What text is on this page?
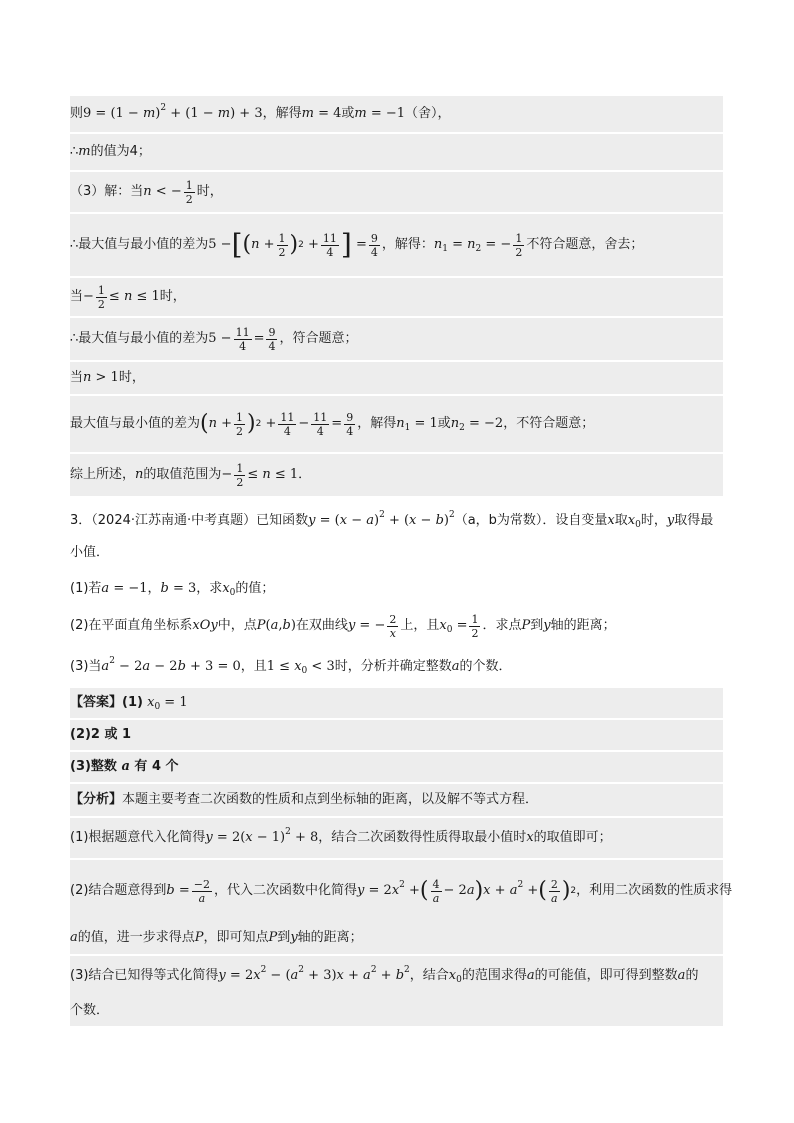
则 $9 = (1 - m)^2 + (1 - m) + 3$ ，解得 m = 4 或 m = −1 （舍），
∴ m 的值为4；
（3）解：当 n < − $\frac{1}{2}$ 时，
∴最大值与最小值的差为 5 − [ ( $n + \frac{1}{2}$ ) $2 + \frac{11}{4}$ ] = $\frac{9}{4}$ ，解得： $n_1 = n_2$ = − $\frac{1}{2}$ 不符合题意，舍去；
当 − $\frac{1}{2} \le n \le 1$ 时，
∴最大值与最小值的差为 $5 - \frac{11}{4} = \frac{9}{4}$ ，符合题意；
当 n > 1 时，
最大值与最小值的差为 ( $n + \frac{1}{2}$ ) $2 + \frac{11}{4} - \frac{11}{4} = \frac{9}{4}$ ，解得 $n_1 = 1$ 或 $n_2 = -2$ ，不符合题意；
综上所述， n 的取值范围为 − $\frac{1}{2} \le n \le 1$ ．
3．（2024·江苏南通·中考真题）已知函数 $y = (x - a)^2 + (x - b)^2$ （a，b为常数）．设自变量 x 取 $x_0$ 时， y 取得最
小值．
(1)若 a = −1 ， b = 3 ，求 $x_0$ 的值；
(2)在平面直角坐标系 xOy 中，点 P(a,b) 在双曲线 y = − $\frac{2}{x}$ 上，且 $x_0 = \frac{1}{2}$ ．求点 P 到 y 轴的距离；
(3)当 $a^2 - 2a - 2b + 3 = 0$ ，且 $1 \le x_0 < 3$ 时，分析并确定整数 a 的个数．
【答案】 (1) $x_0 = 1$
(2)2 或 1
(3)整数 a 有 4 个
【分析】 本题主要考查二次函数的性质和点到坐标轴的距离，以及解不等式方程．
(1)根据题意代入化简得 $y = 2(x - 1)^2 + 8$ ，结合二次函数得性质得取最小值时 x 的取值即可；
(2)结合题意得到 $b = \frac{-2}{a}$ ，代入二次函数中化简得 $y = 2x^2$ + ( $\frac{4}{a} - 2a$ ) $x + a^2$ + ( $\frac{2}{a}$ ) 2 ，利用二次函数的性质求得
a 的值，进一步求得点 P ，即可知点 P 到 y 轴的距离；
(3)结合已知得等式化简得 $y = 2x^2 - (a^2 + 3)x + a^2 + b^2$ ，结合 $x_0$ 的范围求得 a 的可能值，即可得到整数 a 的
个数．
